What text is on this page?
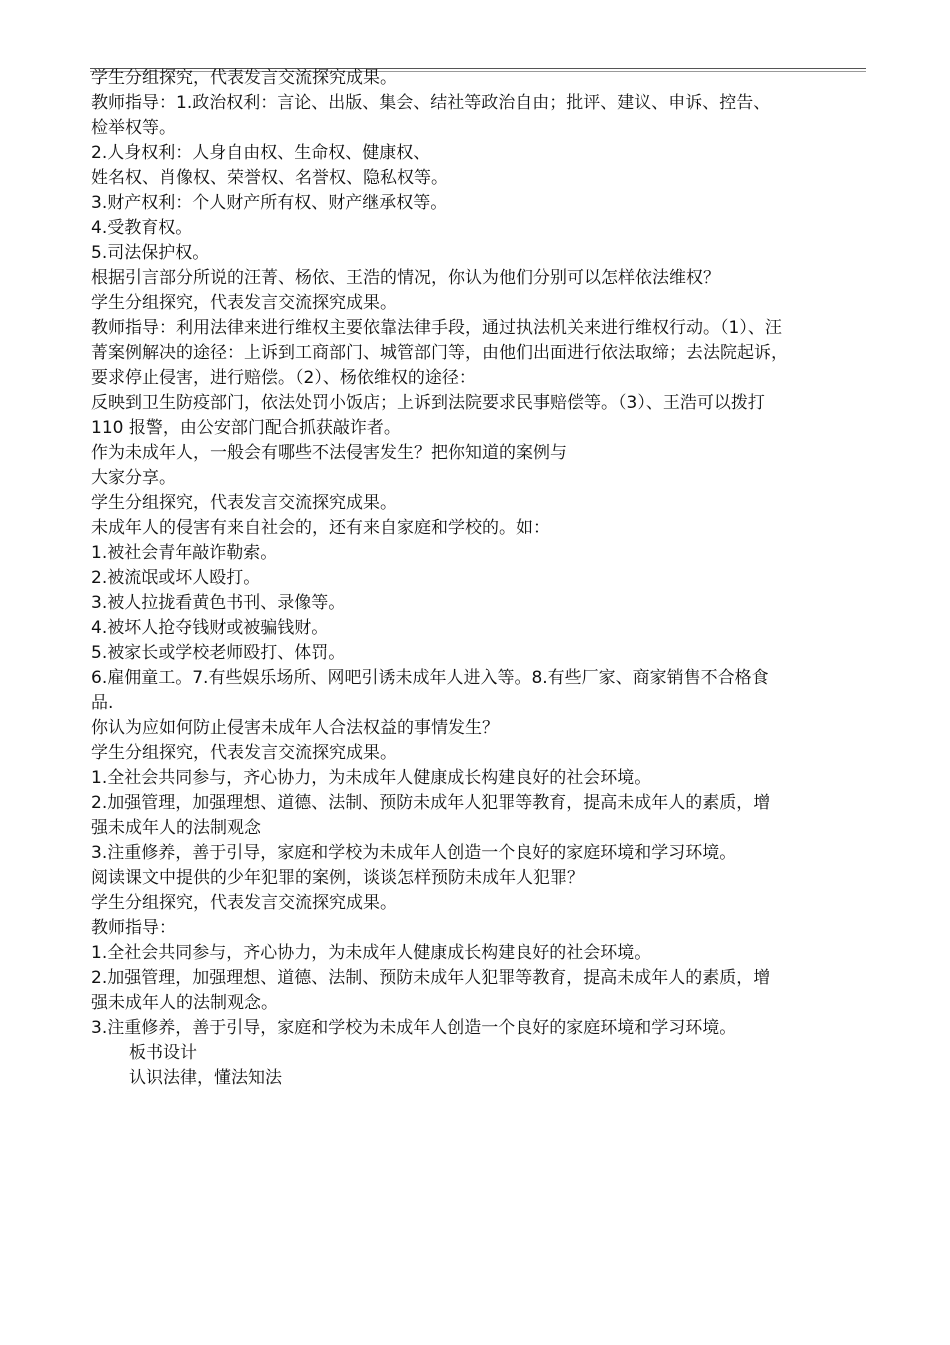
学生分组探究，代表发言交流探究成果。
教师指导：1.政治权利：言论、出版、集会、结社等政治自由；批评、建议、申诉、控告、
检举权等。
2.人身权利：人身自由权、生命权、健康权、
姓名权、肖像权、荣誉权、名誉权、隐私权等。
3.财产权利：个人财产所有权、财产继承权等。
4.受教育权。
5.司法保护权。
根据引言部分所说的汪菁、杨依、王浩的情况，你认为他们分别可以怎样依法维权？
学生分组探究，代表发言交流探究成果。
教师指导：利用法律来进行维权主要依靠法律手段，通过执法机关来进行维权行动。（1）、汪
菁案例解决的途径：上诉到工商部门、城管部门等，由他们出面进行依法取缔；去法院起诉，
要求停止侵害，进行赔偿。（2）、杨依维权的途径：
反映到卫生防疫部门，依法处罚小饭店；上诉到法院要求民事赔偿等。（3）、王浩可以拨打
110 报警，由公安部门配合抓获敲诈者。
作为未成年人，一般会有哪些不法侵害发生？把你知道的案例与
大家分享。
学生分组探究，代表发言交流探究成果。
未成年人的侵害有来自社会的，还有来自家庭和学校的。如：
1.被社会青年敲诈勒索。
2.被流氓或坏人殴打。
3.被人拉拢看黄色书刊、录像等。
4.被坏人抢夺钱财或被骗钱财。
5.被家长或学校老师殴打、体罚。
6.雇佣童工。7.有些娱乐场所、网吧引诱未成年人进入等。8.有些厂家、商家销售不合格食
品.
你认为应如何防止侵害未成年人合法权益的事情发生？
学生分组探究，代表发言交流探究成果。
1.全社会共同参与，齐心协力，为未成年人健康成长构建良好的社会环境。
2.加强管理，加强理想、道德、法制、预防未成年人犯罪等教育，提高未成年人的素质，增
强未成年人的法制观念
3.注重修养，善于引导，家庭和学校为未成年人创造一个良好的家庭环境和学习环境。
阅读课文中提供的少年犯罪的案例，谈谈怎样预防未成年人犯罪？
学生分组探究，代表发言交流探究成果。
教师指导：
1.全社会共同参与，齐心协力，为未成年人健康成长构建良好的社会环境。
2.加强管理，加强理想、道德、法制、预防未成年人犯罪等教育，提高未成年人的素质，增
强未成年人的法制观念。
3.注重修养，善于引导，家庭和学校为未成年人创造一个良好的家庭环境和学习环境。
板书设计
认识法律，懂法知法
